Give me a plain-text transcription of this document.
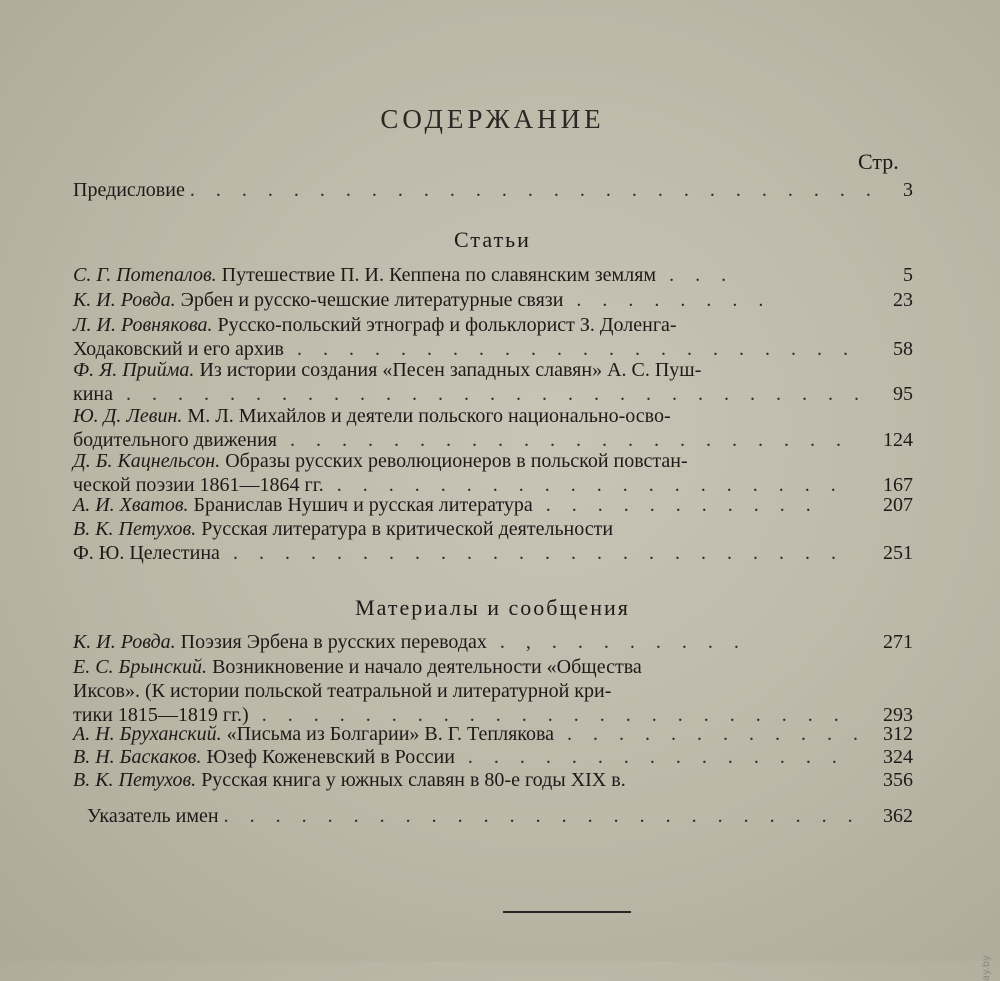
СОДЕРЖАНИЕ
Стр.
Предисловие . . . . . . . . . . . . . . . . . . . . . . . . . . . 3
Статьи
С. Г. Потепалов. Путешествие П. И. Кеппена по славянским землям . . .	5
К. И. Ровда. Эрбен и русско-чешские литературные связи . . . . . . . .	23
Л. И. Ровнякова. Русско-польский этнограф и фольклорист З. Доленга-
Ходаковский и его архив . . . . . . . . . . . . . . . . . . . . . . 58
Ф. Я. Прийма. Из истории создания «Песен западных славян» А. С. Пуш-
кина . . . . . . . . . . . . . . . . . . . . . . . . . . . . . 95
Ю. Д. Левин. М. Л. Михайлов и деятели польского национально-осво-
бодительного движения . . . . . . . . . . . . . . . . . . . . . . 124
Д. Б. Кацнельсон. Образы русских революционеров в польской повстан-
ческой поэзии 1861—1864 гг. . . . . . . . . . . . . . . . . . . . . 167
А. И. Хватов. Бранислав Нушич и русская литература . . . . . . . . . . .	207
В. К. Петухов. Русская литература в критической деятельности
Ф. Ю. Целестина . . . . . . . . . . . . . . . . . . . . . . . . 251
Материалы и сообщения
К. И. Ровда. Поэзия Эрбена в русских переводах . , . . . . . . . .	271
Е. С. Брынский. Возникновение и начало деятельности «Общества
Иксов». (К истории польской театральной и литературной кри-
тики 1815—1819 гг.) . . . . . . . . . . . . . . . . . . . . . . . 293
А. Н. Бруханский. «Письма из Болгарии» В. Г. Теплякова . . . . . . . . . . . . 312
В. Н. Баскаков. Юзеф Коженевский в России . . . . . . . . . . . . . . . 324
В. К. Петухов. Русская книга у южных славян в 80-е годы XIX в.	356
Указатель имен . . . . . . . . . . . . . . . . . . . . . . . . . 362
ay.by
